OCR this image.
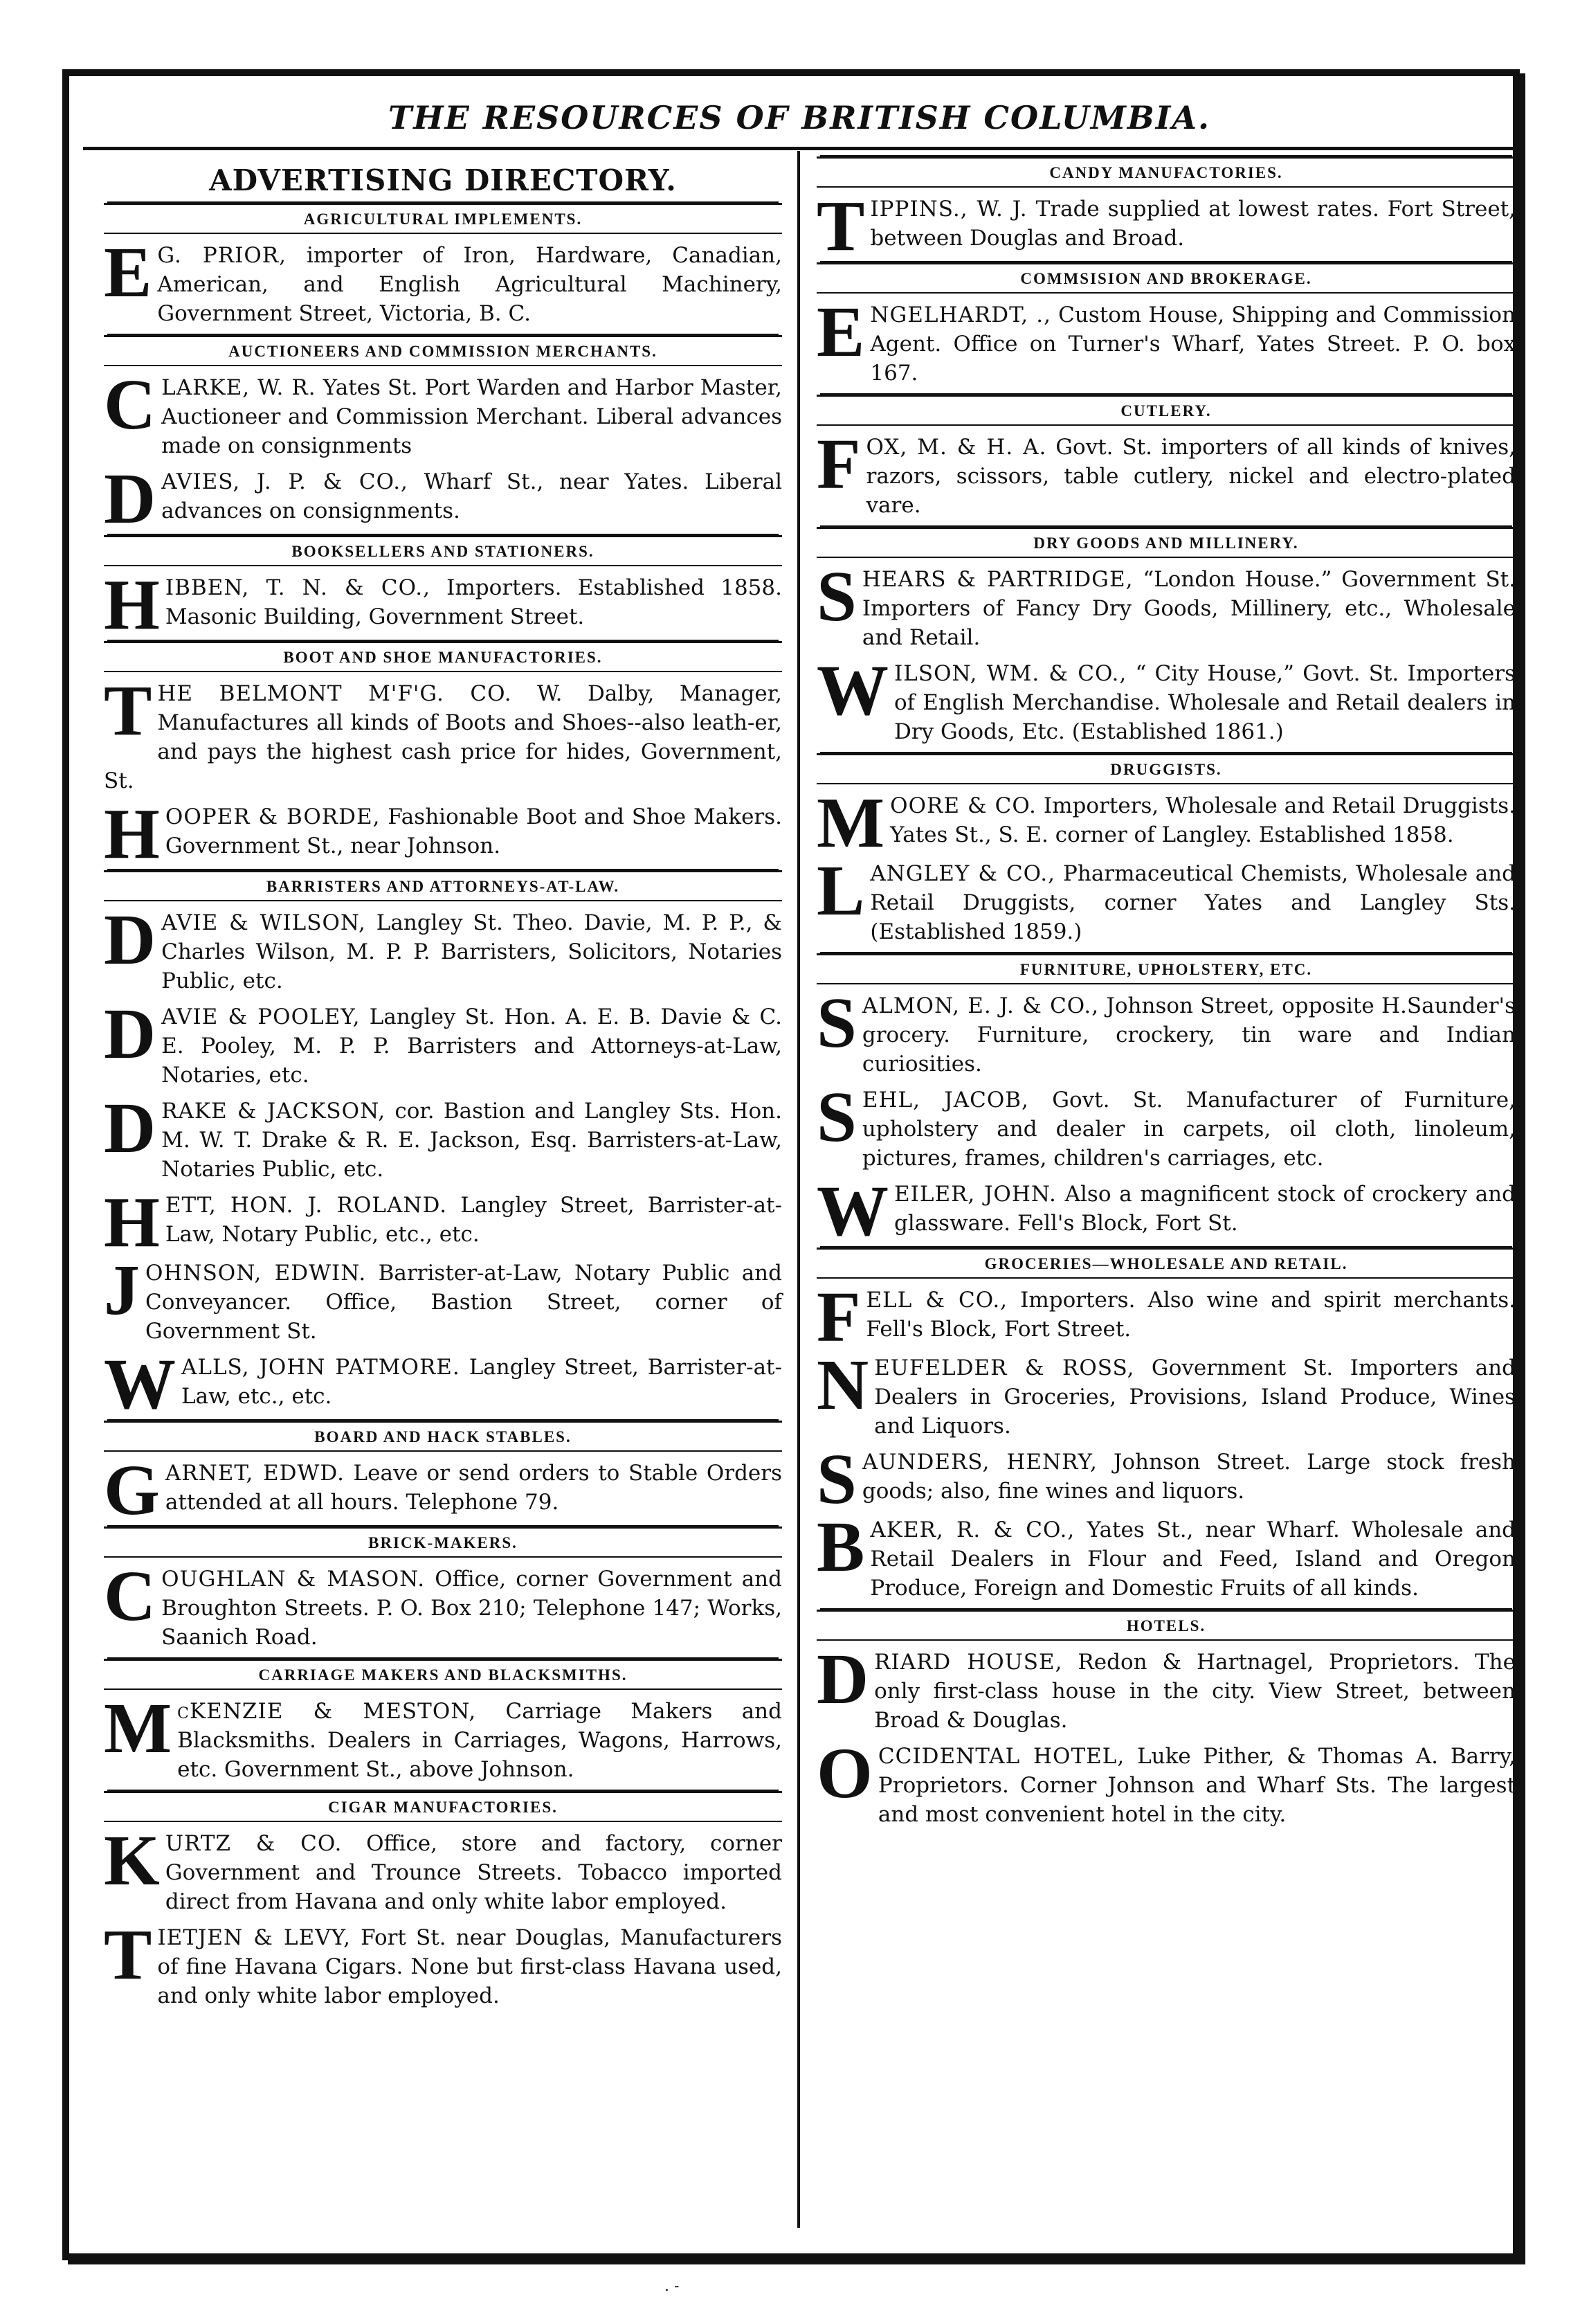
THE RESOURCES OF BRITISH COLUMBIA.
ADVERTISING DIRECTORY.
AGRICULTURAL IMPLEMENTS.
E G. PRIOR, importer of Iron, Hardware, Canadian, American, and English Agricultural Machinery, Government Street, Victoria, B. C.
AUCTIONEERS AND COMMISSION MERCHANTS.
CLARKE, W. R. Yates St. Port Warden and Harbor Master, Auctioneer and Commission Merchant. Liberal advances made on consignments
DAVIES, J. P. & CO., Wharf St., near Yates. Liberal advances on consignments.
BOOKSELLERS AND STATIONERS.
HIBBEN, T. N. & CO., Importers. Established 1858. Masonic Building, Government Street.
BOOT AND SHOE MANUFACTORIES.
THE BELMONT M'F'G. CO. W. Dalby, Manager, Manufactures all kinds of Boots and Shoes--also leath-er, and pays the highest cash price for hides, Government, St.
HOOPER & BORDE, Fashionable Boot and Shoe Makers. Government St., near Johnson.
BARRISTERS AND ATTORNEYS-AT-LAW.
DAVIE & WILSON, Langley St. Theo. Davie, M. P. P., & Charles Wilson, M. P. P. Barristers, Solicitors, Notaries Public, etc.
DAVIE & POOLEY, Langley St. Hon. A. E. B. Davie & C. E. Pooley, M. P. P. Barristers and Attorneys-at-Law, Notaries, etc.
DRAKE & JACKSON, cor. Bastion and Langley Sts. Hon. M. W. T. Drake & R. E. Jackson, Esq. Barristers-at-Law, Notaries Public, etc.
HETT, HON. J. ROLAND. Langley Street, Barrister-at-Law, Notary Public, etc., etc.
JOHNSON, EDWIN. Barrister-at-Law, Notary Public and Conveyancer. Office, Bastion Street, corner of Government St.
WALLS, JOHN PATMORE. Langley Street, Barrister-at-Law, etc., etc.
BOARD AND HACK STABLES.
GARNET, EDWD. Leave or send orders to Stable Orders attended at all hours. Telephone 79.
BRICK-MAKERS.
COUGHLAN & MASON. Office, corner Government and Broughton Streets. P. O. Box 210; Telephone 147; Works, Saanich Road.
CARRIAGE MAKERS AND BLACKSMITHS.
McKENZIE & MESTON, Carriage Makers and Blacksmiths. Dealers in Carriages, Wagons, Harrows, etc. Government St., above Johnson.
CIGAR MANUFACTORIES.
KURTZ & CO. Office, store and factory, corner Government and Trounce Streets. Tobacco imported direct from Havana and only white labor employed.
TIETJEN & LEVY, Fort St. near Douglas, Manufacturers of fine Havana Cigars. None but first-class Havana used, and only white labor employed.
CANDY MANUFACTORIES.
TIPPINS., W. J. Trade supplied at lowest rates. Fort Street, between Douglas and Broad.
COMMSISION AND BROKERAGE.
ENGELHARDT, ., Custom House, Shipping and Commission Agent. Office on Turner's Wharf, Yates Street. P. O. box 167.
CUTLERY.
FOX, M. & H. A. Govt. St. importers of all kinds of knives, razors, scissors, table cutlery, nickel and electro-plated vare.
DRY GOODS AND MILLINERY.
SHEARS & PARTRIDGE, “London House.” Government St. Importers of Fancy Dry Goods, Millinery, etc., Wholesale and Retail.
WILSON, WM. & CO., “ City House,” Govt. St. Importers of English Merchandise. Wholesale and Retail dealers in Dry Goods, Etc. (Established 1861.)
DRUGGISTS.
MOORE & CO. Importers, Wholesale and Retail Druggists. Yates St., S. E. corner of Langley. Established 1858.
LANGLEY & CO., Pharmaceutical Chemists, Wholesale and Retail Druggists, corner Yates and Langley Sts. (Established 1859.)
FURNITURE, UPHOLSTERY, ETC.
SALMON, E. J. & CO., Johnson Street, opposite H.Saunder's grocery. Furniture, crockery, tin ware and Indian curiosities.
SEHL, JACOB, Govt. St. Manufacturer of Furniture, upholstery and dealer in carpets, oil cloth, linoleum, pictures, frames, children's carriages, etc.
WEILER, JOHN. Also a magnificent stock of crockery and glassware. Fell's Block, Fort St.
GROCERIES—WHOLESALE AND RETAIL.
FELL & CO., Importers. Also wine and spirit merchants. Fell's Block, Fort Street.
NEUFELDER & ROSS, Government St. Importers and Dealers in Groceries, Provisions, Island Produce, Wines and Liquors.
SAUNDERS, HENRY, Johnson Street. Large stock fresh goods; also, fine wines and liquors.
BAKER, R. & CO., Yates St., near Wharf. Wholesale and Retail Dealers in Flour and Feed, Island and Oregon Produce, Foreign and Domestic Fruits of all kinds.
HOTELS.
DRIARD HOUSE, Redon & Hartnagel, Proprietors. The only first-class house in the city. View Street, between Broad & Douglas.
OCCIDENTAL HOTEL, Luke Pither, & Thomas A. Barry, Proprietors. Corner Johnson and Wharf Sts. The largest and most convenient hotel in the city.
. -
